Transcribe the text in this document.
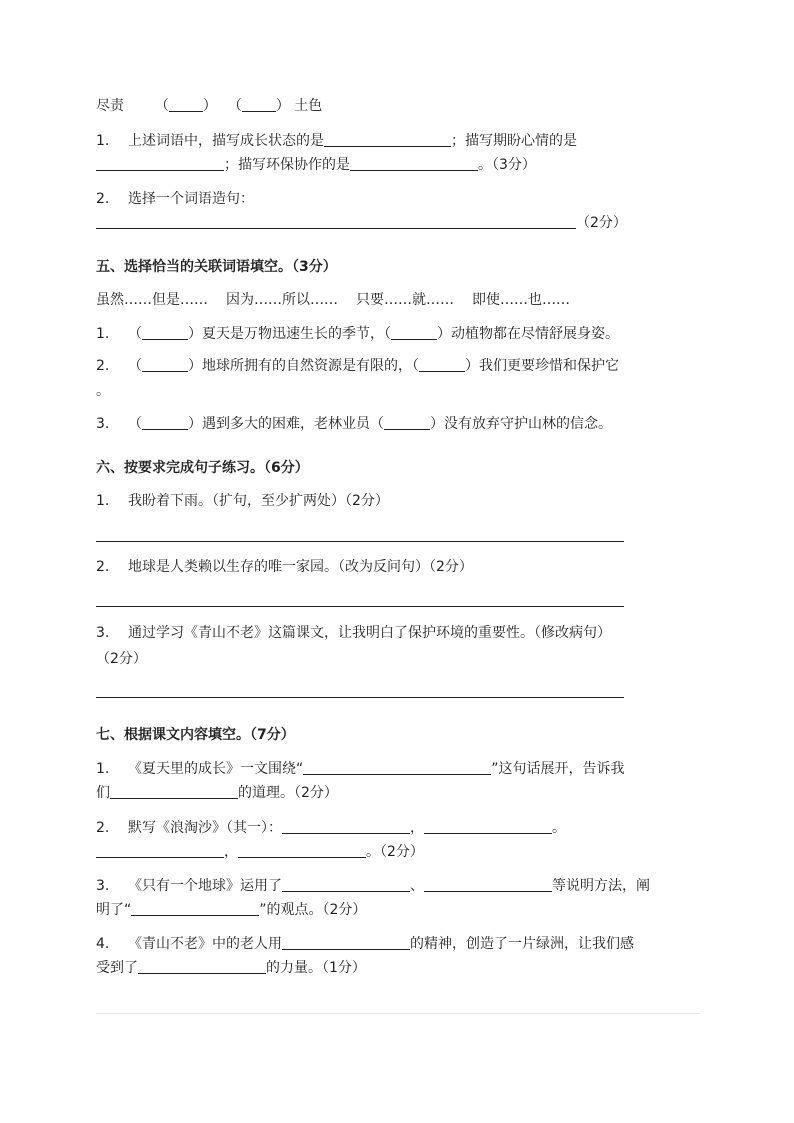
尽责 （ ） （ ） 土色
1. 上述词语中，描写成长状态的是	；描写期盼心情的是
；描写环保协作的是	。（3分）
2. 选择一个词语造句：
（2分）
五、选择恰当的关联词语填空。（3分）
虽然……但是…… 因为……所以…… 只要……就…… 即使……也……
1. （	）夏天是万物迅速生长的季节，（	）动植物都在尽情舒展身姿。
2. （	）地球所拥有的自然资源是有限的，（	）我们更要珍惜和保护它
。
3. （	）遇到多大的困难，老林业员（	）没有放弃守护山林的信念。
六、按要求完成句子练习。（6分）
1. 我盼着下雨。（扩句，至少扩两处）（2分）
2. 地球是人类赖以生存的唯一家园。（改为反问句）（2分）
3. 通过学习《青山不老》这篇课文，让我明白了保护环境的重要性。（修改病句）
（2分）
七、根据课文内容填空。（7分）
1. 《夏天里的成长》一文围绕“	”这句话展开，告诉我
们	的道理。（2分）
2. 默写《浪淘沙》（其一）：	，	。
，	。（2分）
3. 《只有一个地球》运用了	、	等说明方法，阐
明了“	”的观点。（2分）
4. 《青山不老》中的老人用	的精神，创造了一片绿洲，让我们感
受到了	的力量。（1分）
